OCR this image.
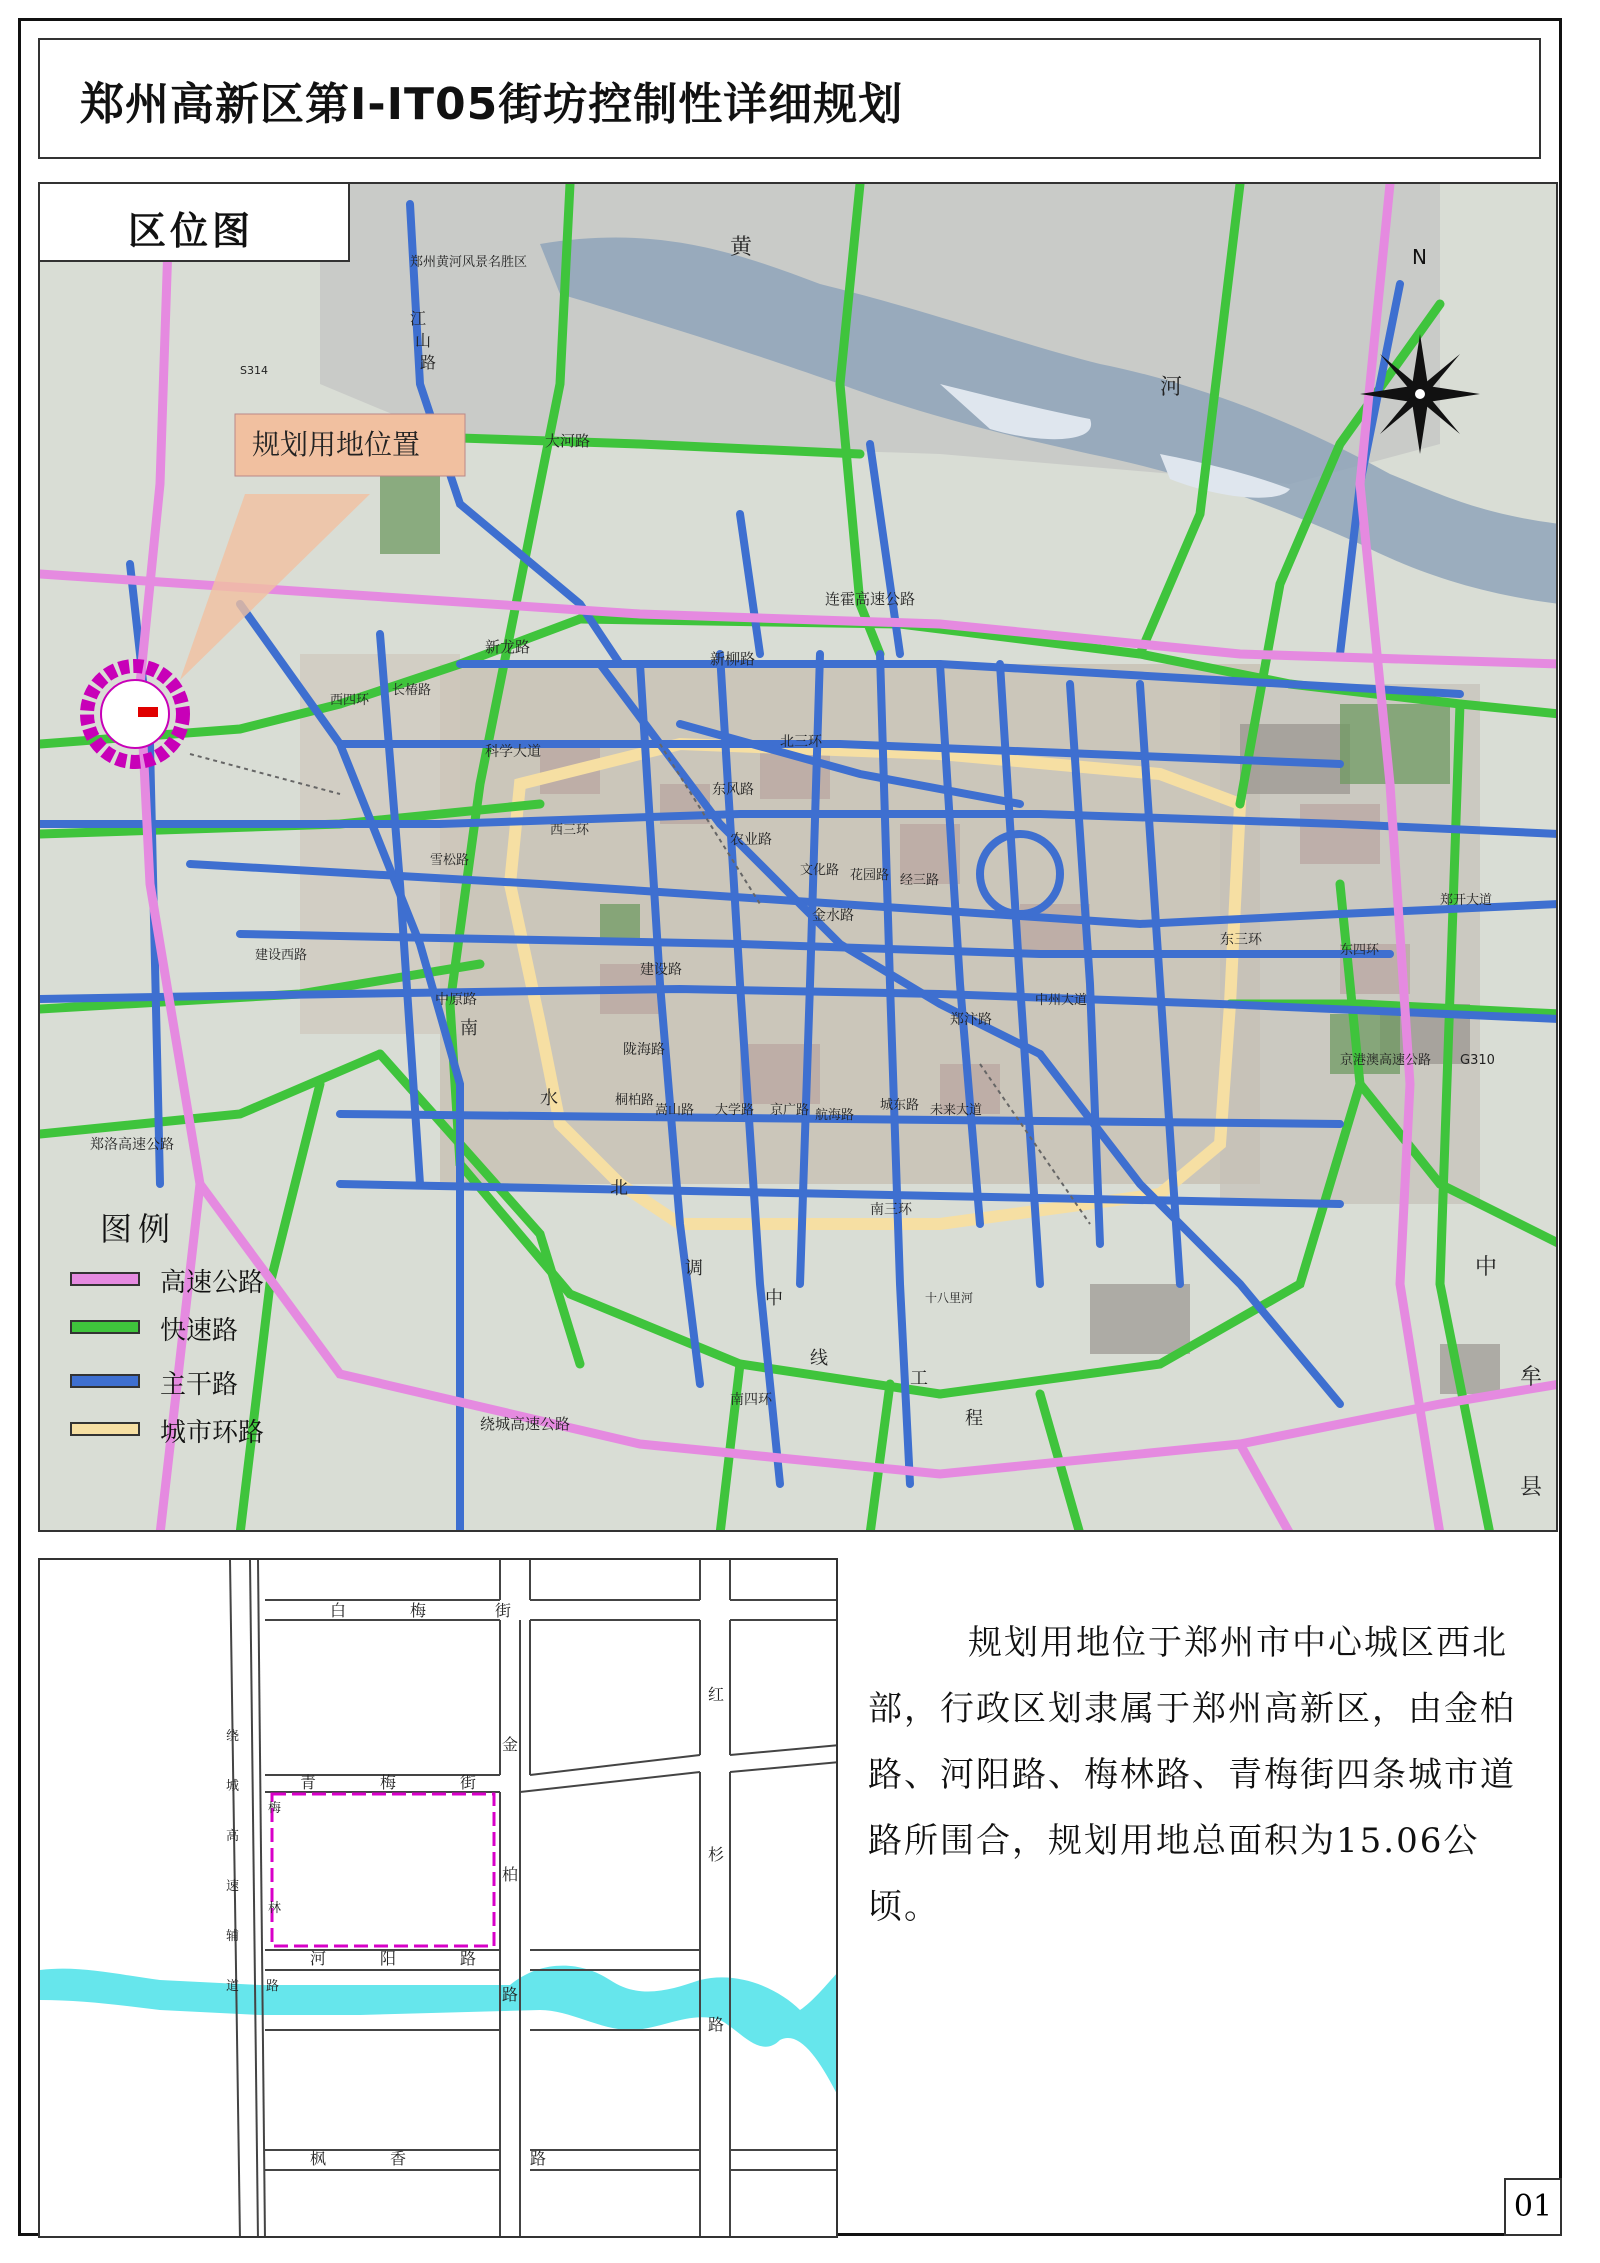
郑州高新区第I-IT05街坊控制性详细规划
N
黄
河
郑州黄河风景名胜区
江
山
路
大河路
连霍高速公路
新柳路
新龙路
北三环
东风路
农业路
科学大道
金水路
建设路
中原路
陇海路
郑汴路
东三环
南三环
南四环
绕城高速公路
郑洛高速公路
建设西路
西四环
西三环
长椿路
雪松路
桐柏路
嵩山路 大学路 京广路 航海路
城东路 未来大道
文化路 花园路 经三路
中州大道
京港澳高速公路
东四环
G310
郑开大道
南
水
北
调
中
线
工
程
中
牟
县
S314
十八里河
规划用地位置
区位图
图例
高速公路
快速路
主干路
城市环路
白	梅	街
青	梅	街
河	阳	路
枫	香	路
金
柏
路
红
杉
路
梅
林
路
绕
城
高
速
辅
道

规划用地位于郑州市中心城区西北部，行政区划隶属于郑州高新区，由金柏路、河阳路、梅林路、青梅街四条城市道路所围合，规划用地总面积为15.06公顷。

01
